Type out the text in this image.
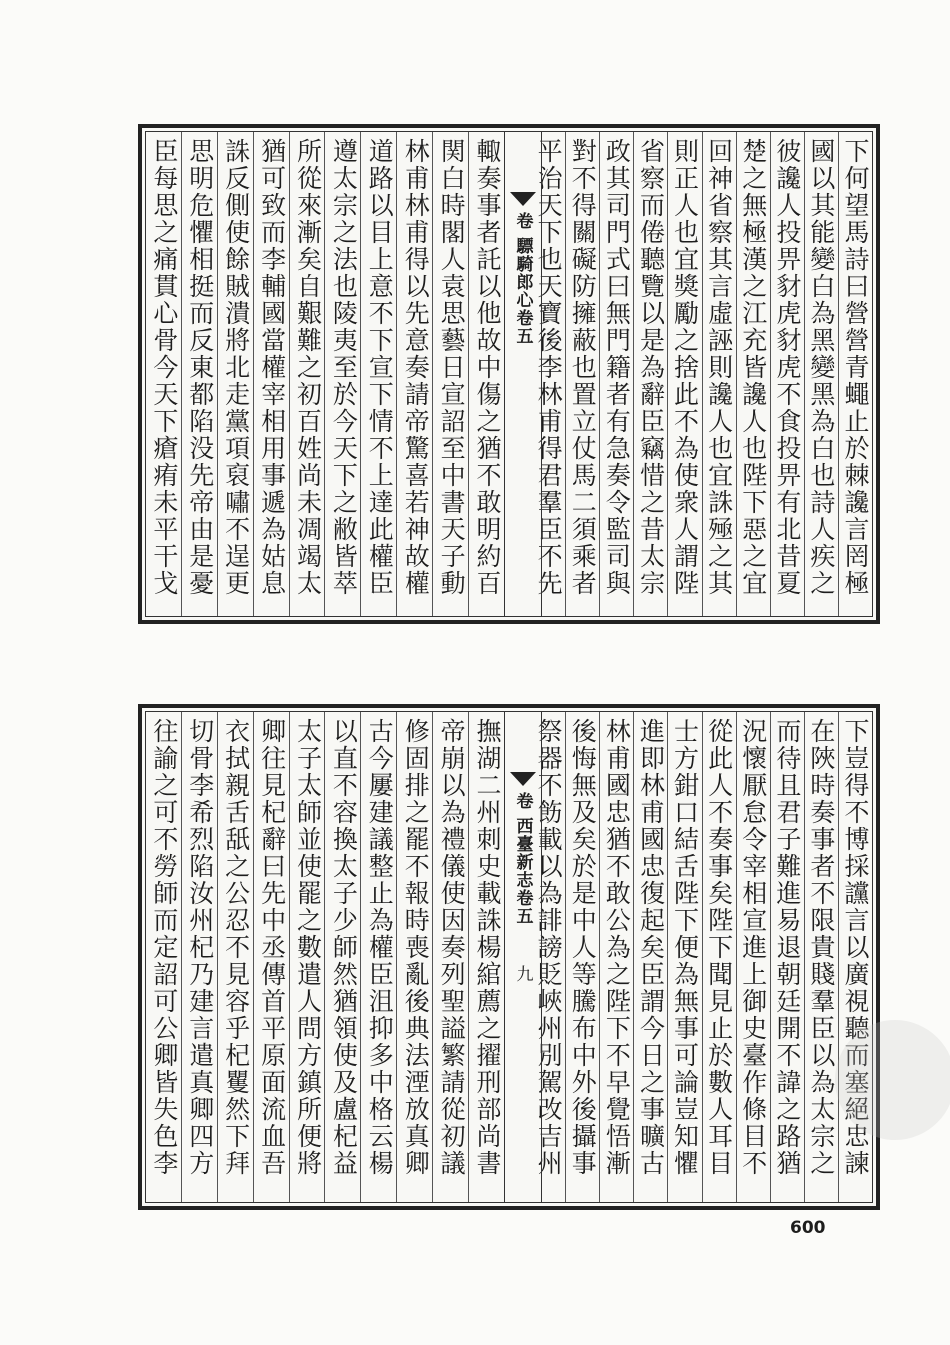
下何望馬詩曰營營青蠅止於棘讒言罔極
國以其能變白為黑變黑為白也詩人疾之
彼讒人投畀豺虎豺虎不食投畀有北昔夏
楚之無極漢之江充皆讒人也陛下惡之宜
回神省察其言虛誣則讒人也宜誅殛之其
則正人也宜獎勵之捨此不為使衆人謂陛
省察而倦聽覽以是為辭臣竊惜之昔太宗
政其司門式曰無門籍者有急奏令監司與
對不得關礙防擁蔽也置立仗馬二須乘者
平治天下也天寶後李林甫得君羣臣不先
卷 驃騎郎心卷五
輙奏事者託以他故中傷之猶不敢明約百
関白時閣人袁思藝日宣詔至中書天子動
林甫林甫得以先意奏請帝驚喜若神故權
道路以目上意不下宣下情不上達此權臣
遵太宗之法也陵夷至於今天下之敝皆萃
所從來漸矣自艱難之初百姓尚未凋竭太
猶可致而李輔國當權宰相用事遞為姑息
誅反側使餘賊潰將北走黨項裒嘯不逞更
思明危懼相挺而反東都陷没先帝由是憂
臣每思之痛貫心骨今天下瘡痏未平干戈
下豈得不博採讜言以廣視聽而塞絕忠諫
在陜時奏事者不限貴賤羣臣以為太宗之
而待且君子難進易退朝廷開不諱之路猶
況懷厭怠令宰相宣進上御史臺作條目不
從此人不奏事矣陛下聞見止於數人耳目
士方鉗口結舌陛下便為無事可論豈知懼
進即林甫國忠復起矣臣謂今日之事曠古
林甫國忠猶不敢公為之陛下不早覺悟漸
後悔無及矣於是中人等騰布中外後攝事
祭器不飭載以為誹謗貶峽州別駕改吉州
卷 西臺新志卷五
九
撫湖二州刺史載誅楊綰薦之擢刑部尚書
帝崩以為禮儀使因奏列聖謚繁請從初議
修固排之罷不報時喪亂後典法湮放真卿
古今屢建議整止為權臣沮抑多中格云楊
以直不容換太子少師然猶領使及盧杞益
太子太師並使罷之數遣人問方鎮所便將
卿往見杞辭曰先中丞傳首平原面流血吾
衣拭親舌舐之公忍不見容乎杞矍然下拜
切骨李希烈陷汝州杞乃建言遣真卿四方
往諭之可不勞師而定詔可公卿皆失色李
600
